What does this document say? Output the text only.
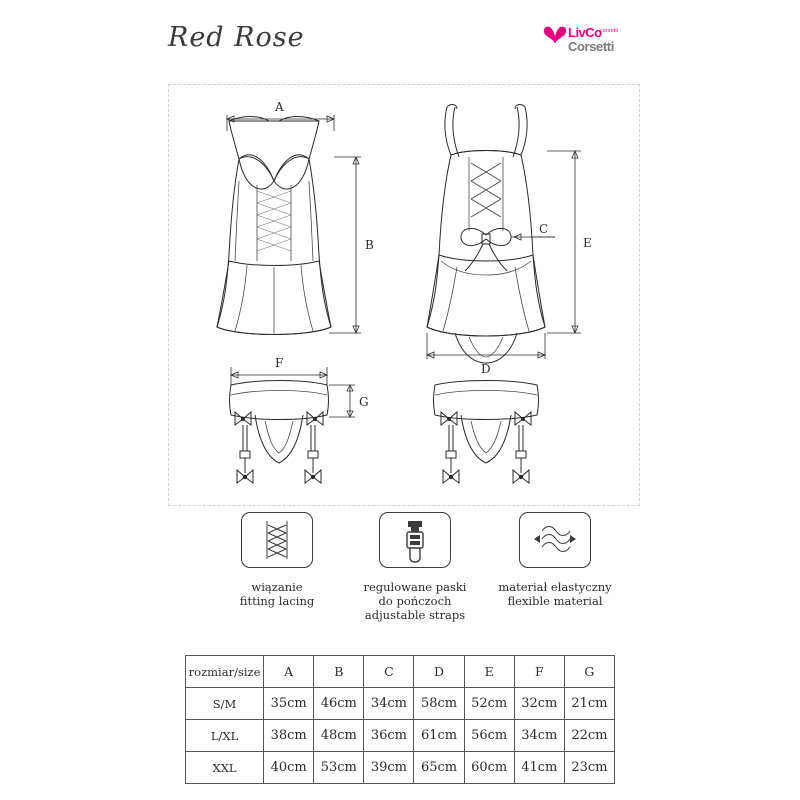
Red Rose	LivCo
corsetti
Corsetti
A
B
C
E
D
F
G
wiązanie
fitting lacing
regulowane paski
do pończoch
adjustable straps
materiał elastyczny
flexible material
rozmiar/size	A	B	C	D	E	F	G
S/M	35cm	46cm	34cm	58cm	52cm	32cm	21cm
L/XL	38cm	48cm	36cm	61cm	56cm	34cm	22cm
XXL	40cm	53cm	39cm	65cm	60cm	41cm	23cm
